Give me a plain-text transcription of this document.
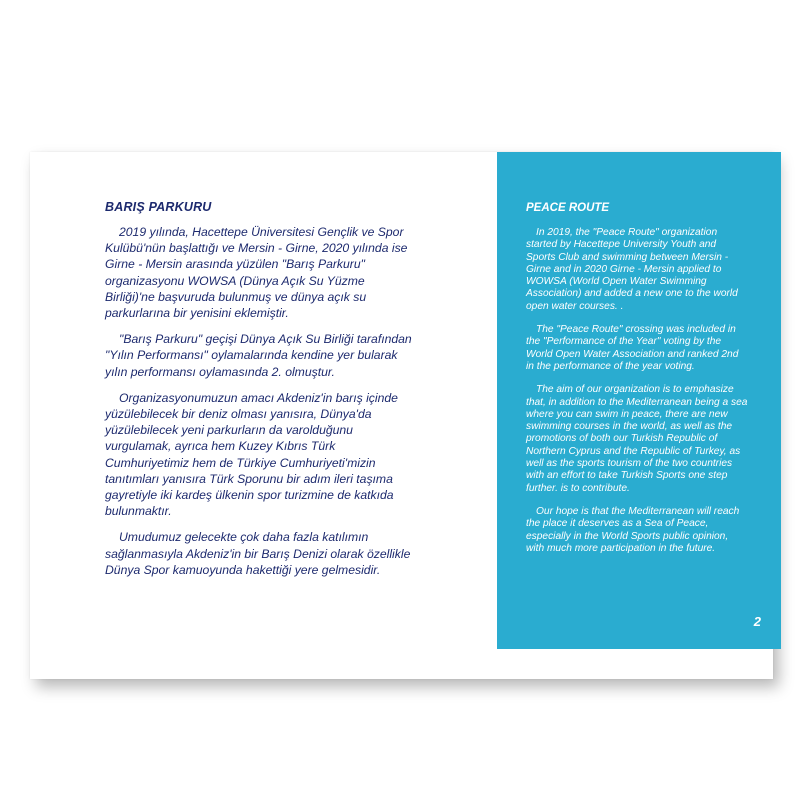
BARIŞ PARKURU

2019 yılında, Hacettepe Üniversitesi Gençlik ve Spor Kulübü'nün başlattığı ve Mersin - Girne, 2020 yılında ise Girne - Mersin arasında yüzülen "Barış Parkuru" organizasyonu WOWSA (Dünya Açık Su Yüzme Birliği)'ne başvuruda bulunmuş ve dünya açık su parkurlarına bir yenisini eklemiştir.

"Barış Parkuru" geçişi Dünya Açık Su Birliği tarafından "Yılın Performansı" oylamalarında kendine yer bularak yılın performansı oylamasında 2. olmuştur.

Organizasyonumuzun amacı Akdeniz'in barış içinde yüzülebilecek bir deniz olması yanısıra, Dünya'da yüzülebilecek yeni parkurların da varolduğunu vurgulamak, ayrıca hem Kuzey Kıbrıs Türk Cumhuriyetimiz hem de Türkiye Cumhuriyeti'mizin tanıtımları yanısıra Türk Sporunu bir adım ileri taşıma gayretiyle iki kardeş ülkenin spor turizmine de katkıda bulunmaktır.

Umudumuz gelecekte çok daha fazla katılımın sağlanmasıyla Akdeniz'in bir Barış Denizi olarak özellikle Dünya Spor kamuoyunda hakettiği yere gelmesidir.

PEACE ROUTE

In 2019, the "Peace Route" organization started by Hacettepe University Youth and Sports Club and swimming between Mersin - Girne and in 2020 Girne - Mersin applied to WOWSA (World Open Water Swimming Association) and added a new one to the world open water courses. .

The "Peace Route" crossing was included in the "Performance of the Year" voting by the World Open Water Association and ranked 2nd in the performance of the year voting.

The aim of our organization is to emphasize that, in addition to the Mediterranean being a sea where you can swim in peace, there are new swimming courses in the world, as well as the promotions of both our Turkish Republic of Northern Cyprus and the Republic of Turkey, as well as the sports tourism of the two countries with an effort to take Turkish Sports one step further. is to contribute.

Our hope is that the Mediterranean will reach the place it deserves as a Sea of Peace, especially in the World Sports public opinion, with much more participation in the future.

2
